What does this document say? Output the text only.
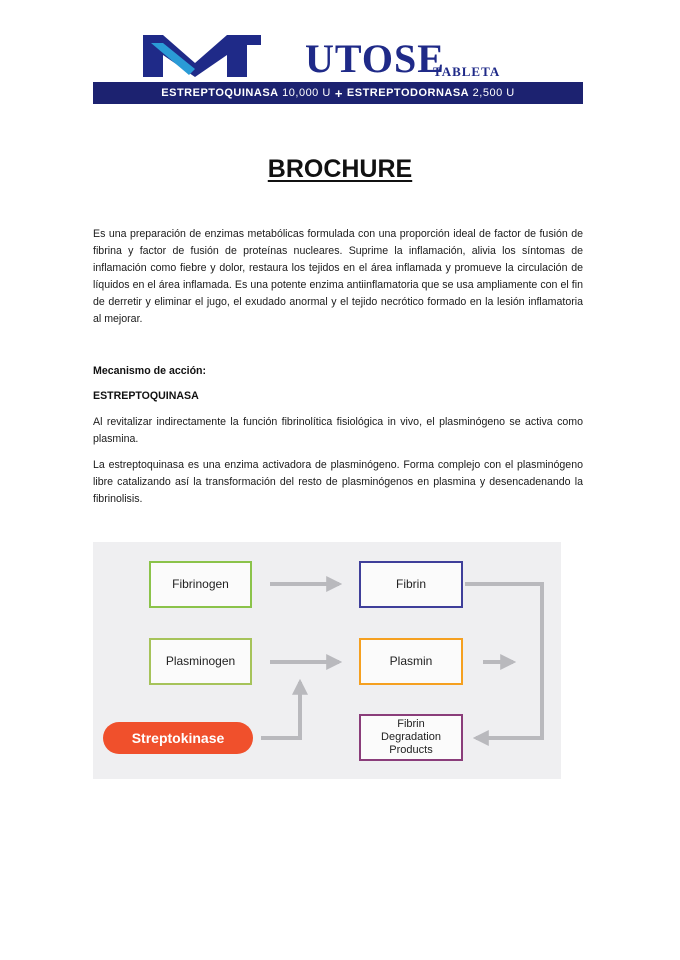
UTOSE
TABLETA
ESTREPTOQUINASA
10,000 U + ESTREPTODORNASA
2,500 U
BROCHURE

Es una preparación de enzimas metabólicas formulada con una proporción ideal de factor de fusión de fibrina y factor de fusión de proteínas nucleares. Suprime la inflamación, alivia los síntomas de inflamación como fiebre y dolor, restaura los tejidos en el área inflamada y promueve la circulación de líquidos en el área inflamada. Es una potente enzima antiinflamatoria que se usa ampliamente con el fin de derretir y eliminar el jugo, el exudado anormal y el tejido necrótico formado en la lesión inflamatoria al mejorar.

Mecanismo de acción:

ESTREPTOQUINASA

Al revitalizar indirectamente la función fibrinolítica fisiológica in vivo, el plasminógeno se activa como plasmina.

La estreptoquinasa es una enzima activadora de plasminógeno. Forma complejo con el plasminógeno libre catalizando así la transformación del resto de plasminógenos en plasmina y desencadenando la fibrinolisis.

Fibrinogen	Fibrin
Plasminogen	Plasmin
Fibrin Degradation Products
Streptokinase
